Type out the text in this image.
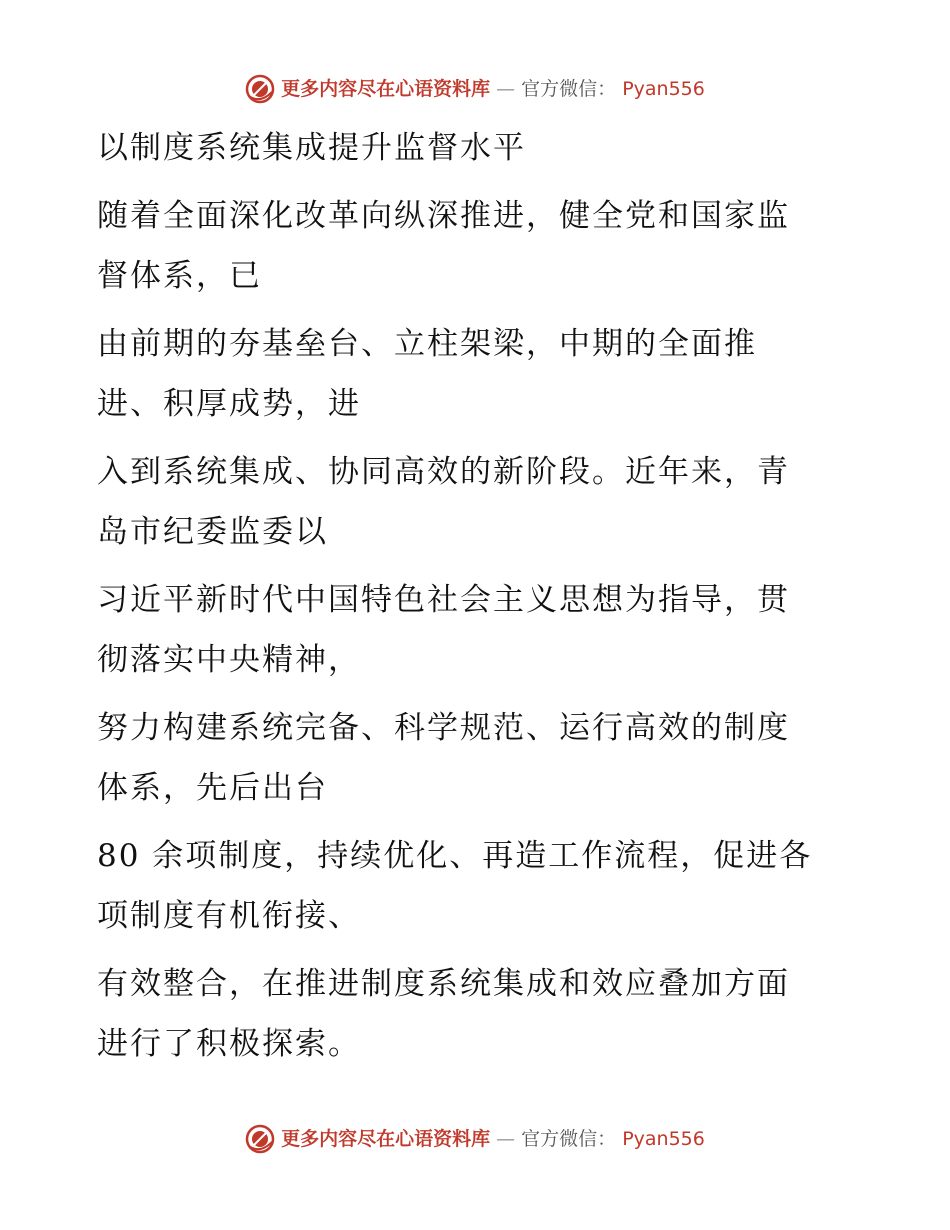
更多内容尽在心语资料库 — 官方微信： Pyan556
以制度系统集成提升监督水平
随着全面深化改革向纵深推进，健全党和国家监
督体系，已
由前期的夯基垒台、立柱架梁，中期的全面推
进、积厚成势，进
入到系统集成、协同高效的新阶段。近年来，青
岛市纪委监委以
习近平新时代中国特色社会主义思想为指导，贯
彻落实中央精神，
努力构建系统完备、科学规范、运行高效的制度
体系，先后出台
80 余项制度，持续优化、再造工作流程，促进各
项制度有机衔接、
有效整合，在推进制度系统集成和效应叠加方面
进行了积极探索。
更多内容尽在心语资料库 — 官方微信： Pyan556
